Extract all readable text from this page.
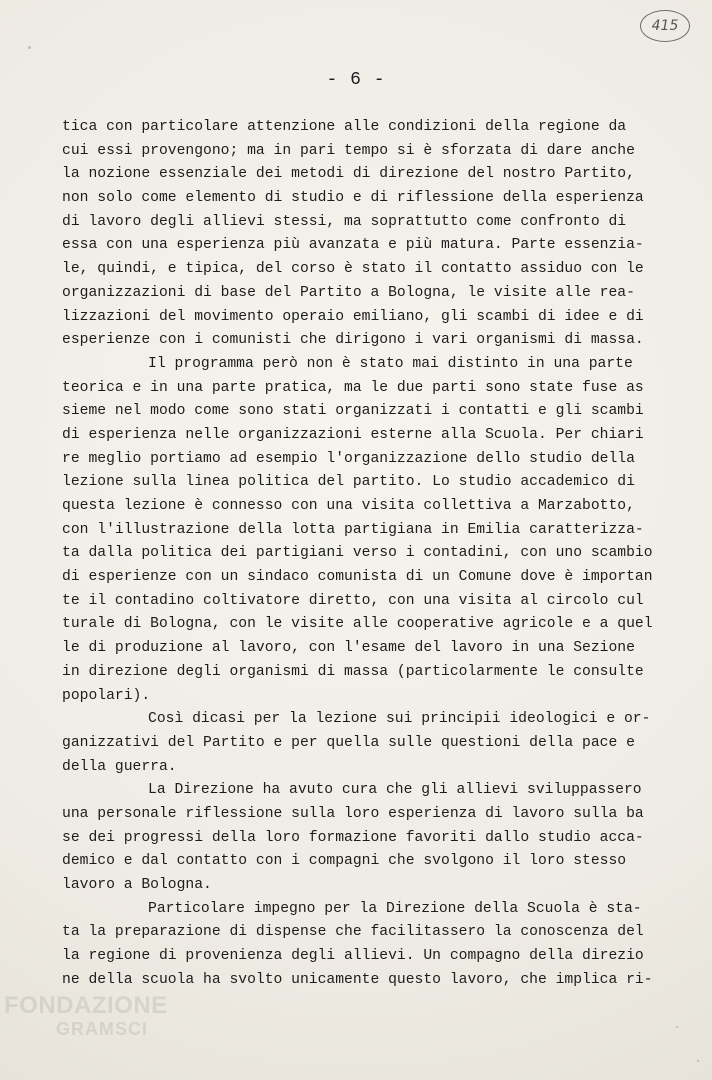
415
- 6 -
tica con particolare attenzione alle condizioni della regione da
cui essi provengono; ma in pari tempo si è sforzata di dare anche
la nozione essenziale dei metodi di direzione del nostro Partito,
non solo come elemento di studio e di riflessione della esperienza
di lavoro degli allievi stessi, ma soprattutto come confronto di
essa con una esperienza più avanzata e più matura. Parte essenzia-
le, quindi, e tipica, del corso è stato il contatto assiduo con le
organizzazioni di base del Partito a Bologna, le visite alle rea-
lizzazioni del movimento operaio emiliano, gli scambi di idee e di
esperienze con i comunisti che dirigono i vari organismi di massa.
Il programma però non è stato mai distinto in una parte
teorica e in una parte pratica, ma le due parti sono state fuse as
sieme nel modo come sono stati organizzati i contatti e gli scambi
di esperienza nelle organizzazioni esterne alla Scuola. Per chiari
re meglio portiamo ad esempio l'organizzazione dello studio della
lezione sulla linea politica del partito. Lo studio accademico di
questa lezione è connesso con una visita collettiva a Marzabotto,
con l'illustrazione della lotta partigiana in Emilia caratterizza-
ta dalla politica dei partigiani verso i contadini, con uno scambio
di esperienze con un sindaco comunista di un Comune dove è importan
te il contadino coltivatore diretto, con una visita al circolo cul
turale di Bologna, con le visite alle cooperative agricole e a quel
le di produzione al lavoro, con l'esame del lavoro in una Sezione
in direzione degli organismi di massa (particolarmente le consulte
popolari).
Così dicasi per la lezione sui principii ideologici e or-
ganizzativi del Partito e per quella sulle questioni della pace e
della guerra.
La Direzione ha avuto cura che gli allievi sviluppassero
una personale riflessione sulla loro esperienza di lavoro sulla ba
se dei progressi della loro formazione favoriti dallo studio acca-
demico e dal contatto con i compagni che svolgono il loro stesso
lavoro a Bologna.
Particolare impegno per la Direzione della Scuola è sta-
ta la preparazione di dispense che facilitassero la conoscenza del
la regione di provenienza degli allievi. Un compagno della direzio
ne della scuola ha svolto unicamente questo lavoro, che implica ri-
FONDAZIONE
GRAMSCI
